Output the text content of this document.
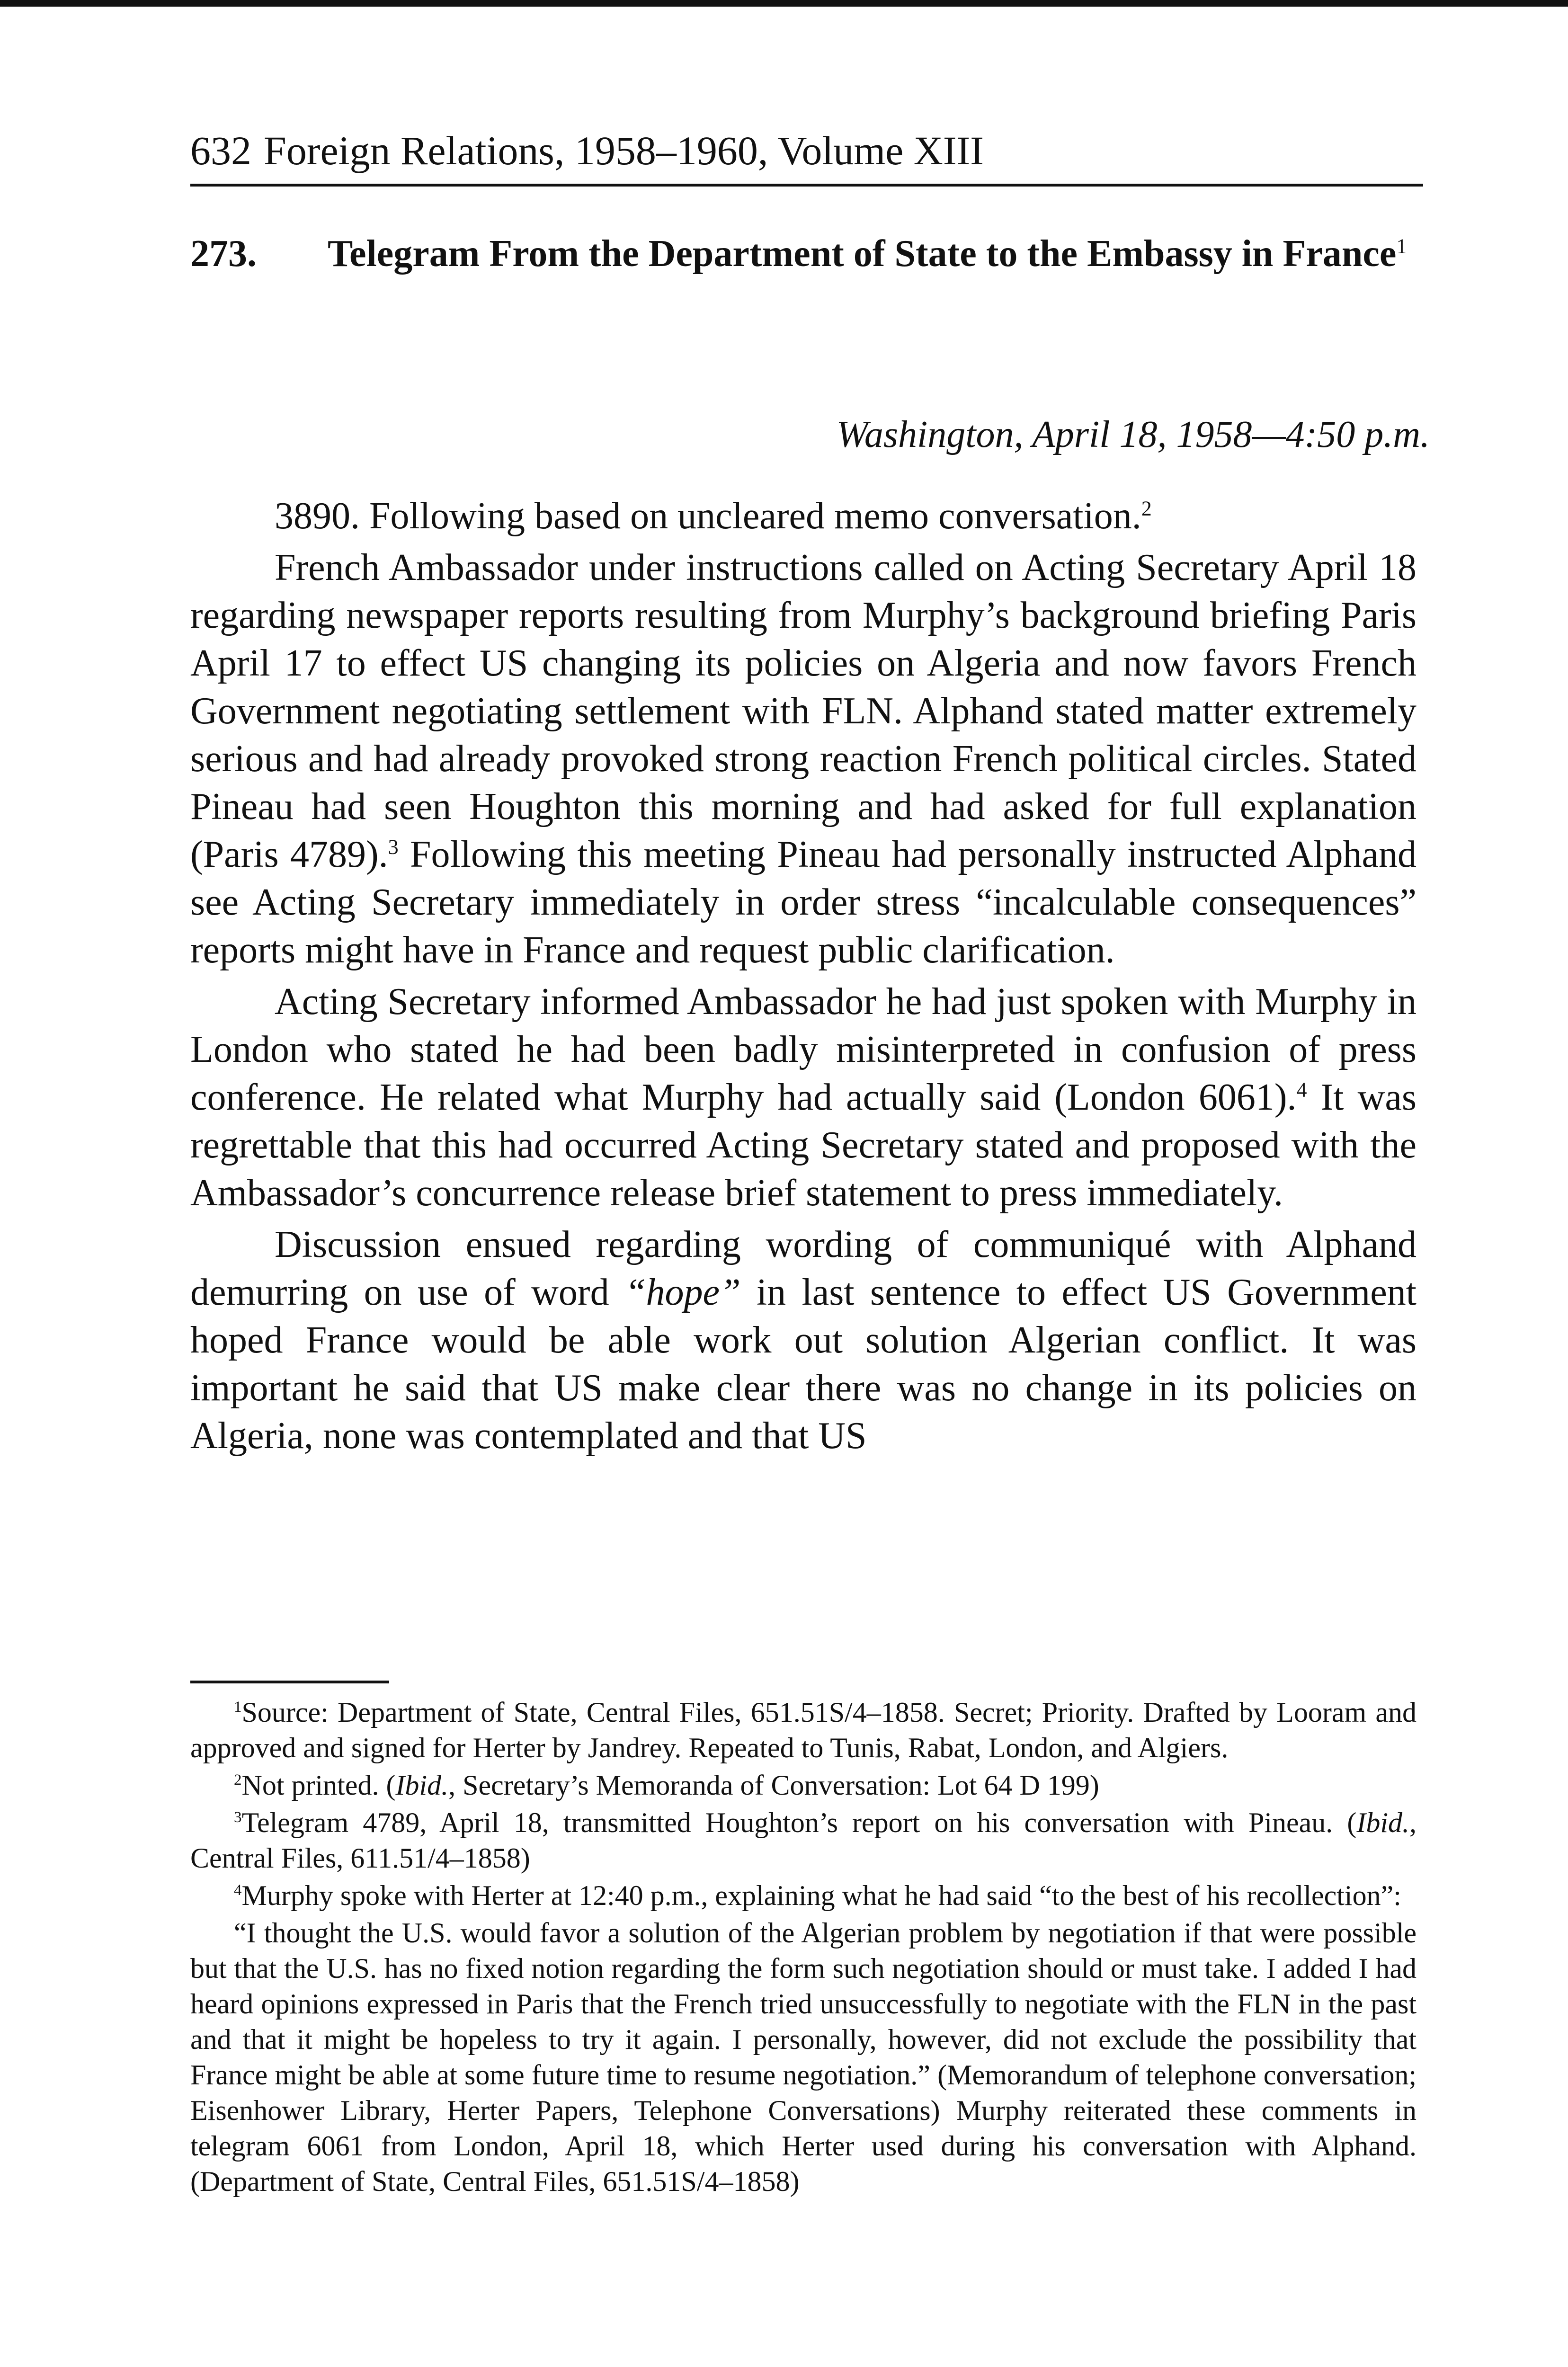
632 Foreign Relations, 1958–1960, Volume XIII
273. Telegram From the Department of State to the Embassy in France$^1$
Washington, April 18, 1958—4:50 p.m.

3890. Following based on uncleared memo conversation.$^2$

French Ambassador under instructions called on Acting Secretary April 18 regarding newspaper reports resulting from Murphy’s background briefing Paris April 17 to effect US changing its policies on Algeria and now favors French Government negotiating settlement with FLN. Alphand stated matter extremely serious and had already provoked strong reaction French political circles. Stated Pineau had seen Houghton this morning and had asked for full explanation (Paris 4789).$^3$ Following this meeting Pineau had personally instructed Alphand see Acting Secretary immediately in order stress “incalculable consequences” reports might have in France and request public clarification.

Acting Secretary informed Ambassador he had just spoken with Murphy in London who stated he had been badly misinterpreted in confusion of press conference. He related what Murphy had actually said (London 6061).$^4$ It was regrettable that this had occurred Acting Secretary stated and proposed with the Ambassador’s concurrence release brief statement to press immediately.

Discussion ensued regarding wording of communiqué with Alphand demurring on use of word “hope” in last sentence to effect US Government hoped France would be able work out solution Algerian conflict. It was important he said that US make clear there was no change in its policies on Algeria, none was contemplated and that US

$^1$Source: Department of State, Central Files, 651.51S/4–1858. Secret; Priority. Drafted by Looram and approved and signed for Herter by Jandrey. Repeated to Tunis, Rabat, London, and Algiers.

$^2$Not printed. (Ibid., Secretary’s Memoranda of Conversation: Lot 64 D 199)

$^3$Telegram 4789, April 18, transmitted Houghton’s report on his conversation with Pineau. (Ibid., Central Files, 611.51/4–1858)

$^4$Murphy spoke with Herter at 12:40 p.m., explaining what he had said “to the best of his recollection”:

“I thought the U.S. would favor a solution of the Algerian problem by negotiation if that were possible but that the U.S. has no fixed notion regarding the form such negotiation should or must take. I added I had heard opinions expressed in Paris that the French tried unsuccessfully to negotiate with the FLN in the past and that it might be hopeless to try it again. I personally, however, did not exclude the possibility that France might be able at some future time to resume negotiation.” (Memorandum of telephone conversation; Eisenhower Library, Herter Papers, Telephone Conversations) Murphy reiterated these comments in telegram 6061 from London, April 18, which Herter used during his conversation with Alphand. (Department of State, Central Files, 651.51S/4–1858)
